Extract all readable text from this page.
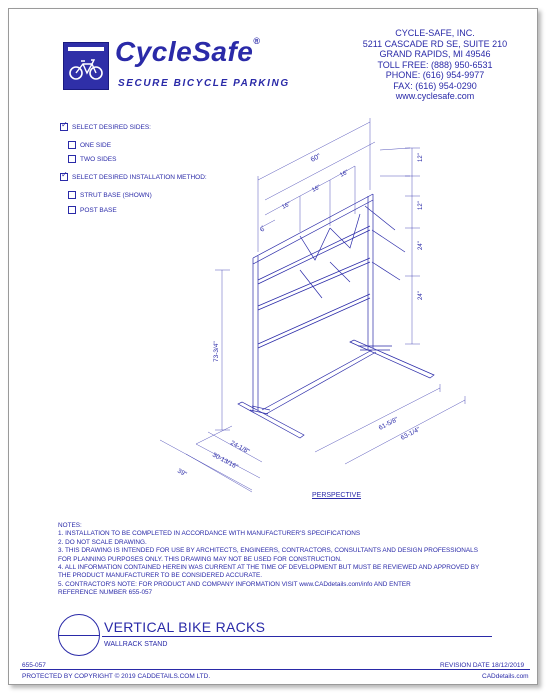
CycleSafe®
SECURE BICYCLE PARKING
CYCLE-SAFE, INC.
5211 CASCADE RD SE, SUITE 210
GRAND RAPIDS, MI 49546
TOLL FREE: (888) 950-6531
PHONE: (616) 954-9977
FAX: (616) 954-0290
www.cyclesafe.com
✓
SELECT DESIRED SIDES:
ONE SIDE
TWO SIDES
✓
SELECT DESIRED INSTALLATION METHOD:
STRUT BASE (SHOWN)
POST BASE
60"
16"
16"
16"
6"
12"
12"
24"
24"
73-3/4"
24-1/8"
30-13/16"
39"
61-5/8"
63-1/4"
PERSPECTIVE
NOTES:
1. INSTALLATION TO BE COMPLETED IN ACCORDANCE WITH MANUFACTURER'S SPECIFICATIONS
2. DO NOT SCALE DRAWING.
3. THIS DRAWING IS INTENDED FOR USE BY ARCHITECTS, ENGINEERS, CONTRACTORS, CONSULTANTS AND DESIGN PROFESSIONALS
FOR PLANNING PURPOSES ONLY. THIS DRAWING MAY NOT BE USED FOR CONSTRUCTION.
4. ALL INFORMATION CONTAINED HEREIN WAS CURRENT AT THE TIME OF DEVELOPMENT BUT MUST BE REVIEWED AND APPROVED BY
THE PRODUCT MANUFACTURER TO BE CONSIDERED ACCURATE.
5. CONTRACTOR'S NOTE: FOR PRODUCT AND COMPANY INFORMATION VISIT www.CADdetails.com/info AND ENTER
REFERENCE NUMBER 655-057
VERTICAL BIKE RACKS
WALLRACK STAND
655-057	REVISION DATE 18/12/2019
PROTECTED BY COPYRIGHT © 2019 CADDETAILS.COM LTD.	CADdetails.com
